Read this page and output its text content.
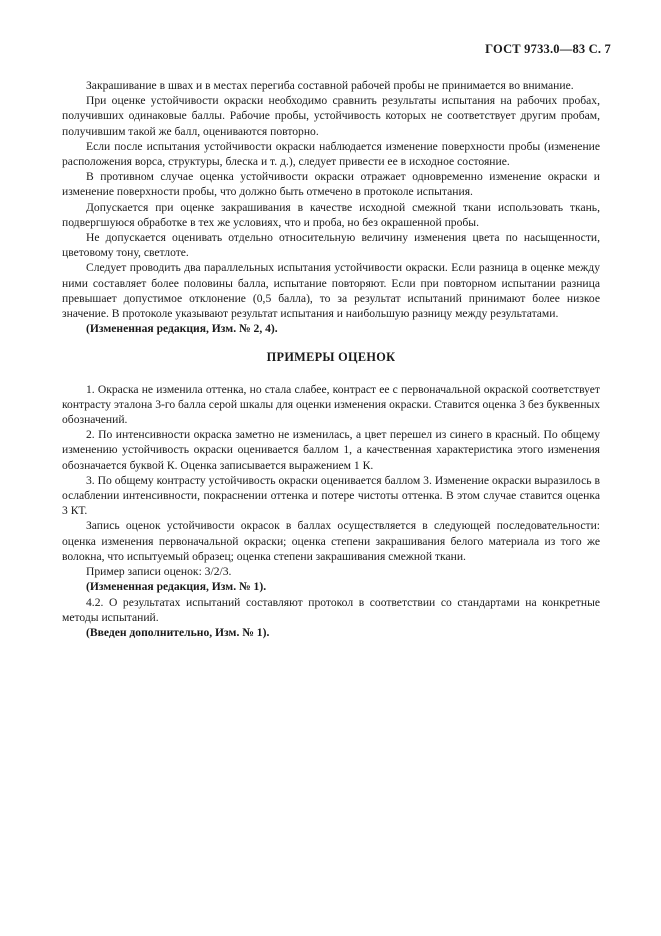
ГОСТ 9733.0—83 С. 7

Закрашивание в швах и в местах перегиба составной рабочей пробы не принимается во внимание.

При оценке устойчивости окраски необходимо сравнить результаты испытания на рабочих пробах, получивших одинаковые баллы. Рабочие пробы, устойчивость которых не соответствует другим пробам, получившим такой же балл, оцениваются повторно.

Если после испытания устойчивости окраски наблюдается изменение поверхности пробы (изменение расположения ворса, структуры, блеска и т. д.), следует привести ее в исходное состояние.

В противном случае оценка устойчивости окраски отражает одновременно изменение окраски и изменение поверхности пробы, что должно быть отмечено в протоколе испытания.

Допускается при оценке закрашивания в качестве исходной смежной ткани использовать ткань, подвергшуюся обработке в тех же условиях, что и проба, но без окрашенной пробы.

Не допускается оценивать отдельно относительную величину изменения цвета по насыщенности, цветовому тону, светлоте.

Следует проводить два параллельных испытания устойчивости окраски. Если разница в оценке между ними составляет более половины балла, испытание повторяют. Если при повторном испытании разница превышает допустимое отклонение (0,5 балла), то за результат испытаний принимают более низкое значение. В протоколе указывают результат испытания и наибольшую разницу между результатами.

(Измененная редакция, Изм. № 2, 4).

ПРИМЕРЫ ОЦЕНОК

1. Окраска не изменила оттенка, но стала слабее, контраст ее с первоначальной окраской соответствует контрасту эталона 3-го балла серой шкалы для оценки изменения окраски. Ставится оценка 3 без буквенных обозначений.

2. По интенсивности окраска заметно не изменилась, а цвет перешел из синего в красный. По общему изменению устойчивость окраски оценивается баллом 1, а качественная характеристика этого изменения обозначается буквой К. Оценка записывается выражением 1 К.

3. По общему контрасту устойчивость окраски оценивается баллом 3. Изменение окраски выразилось в ослаблении интенсивности, покраснении оттенка и потере чистоты оттенка. В этом случае ставится оценка 3 КТ.

Запись оценок устойчивости окрасок в баллах осуществляется в следующей последовательности: оценка изменения первоначальной окраски; оценка степени закрашивания белого материала из того же волокна, что испытуемый образец; оценка степени закрашивания смежной ткани.

Пример записи оценок: 3/2/3.

(Измененная редакция, Изм. № 1).

4.2. О результатах испытаний составляют протокол в соответствии со стандартами на конкретные методы испытаний.

(Введен дополнительно, Изм. № 1).
